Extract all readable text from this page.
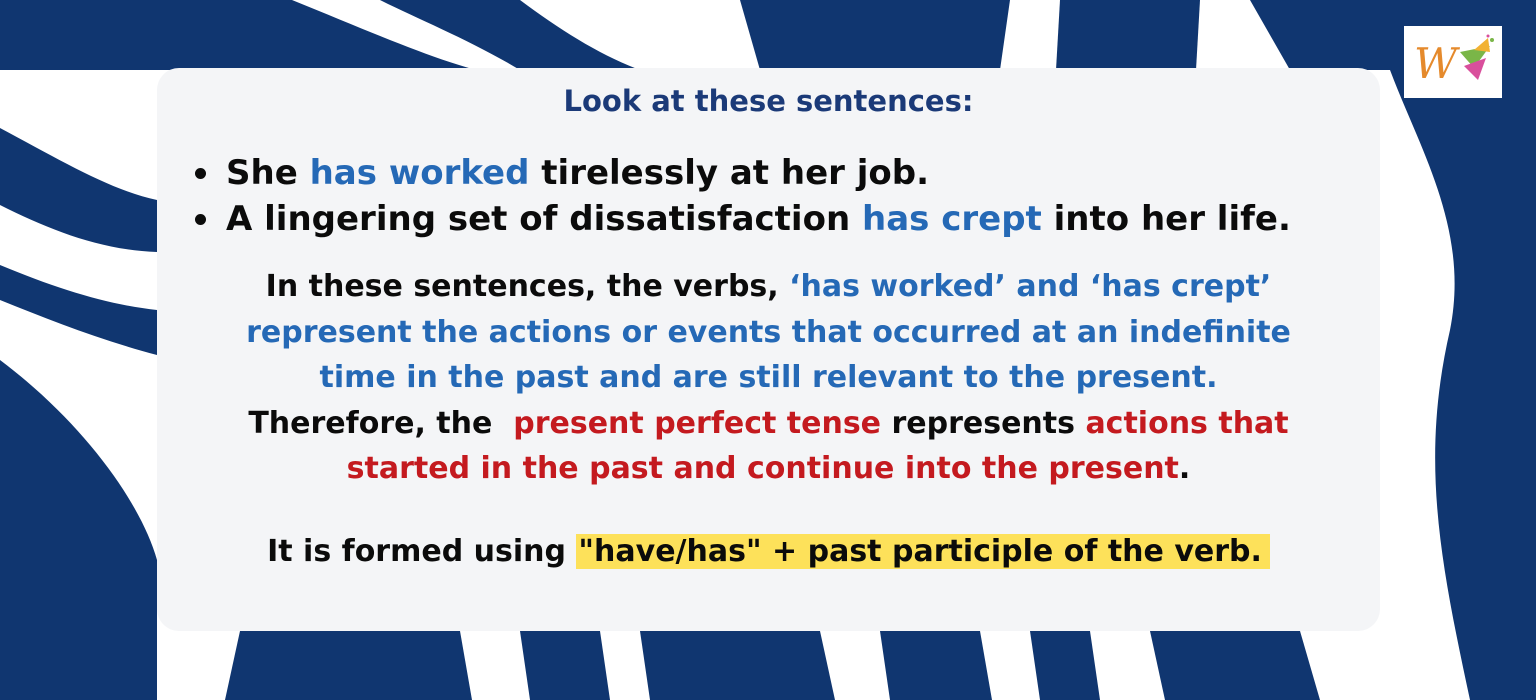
W
Look at these sentences:
She has worked tirelessly at her job.
A lingering set of dissatisfaction has crept into her life.
In these sentences, the verbs, ‘has worked’ and ‘has crept’
represent the actions or events that occurred at an indefinite
time in the past and are still relevant to the present.
Therefore, the  present perfect tense represents actions that
started in the past and continue into the present.
It is formed using "have/has" + past participle of the verb.
